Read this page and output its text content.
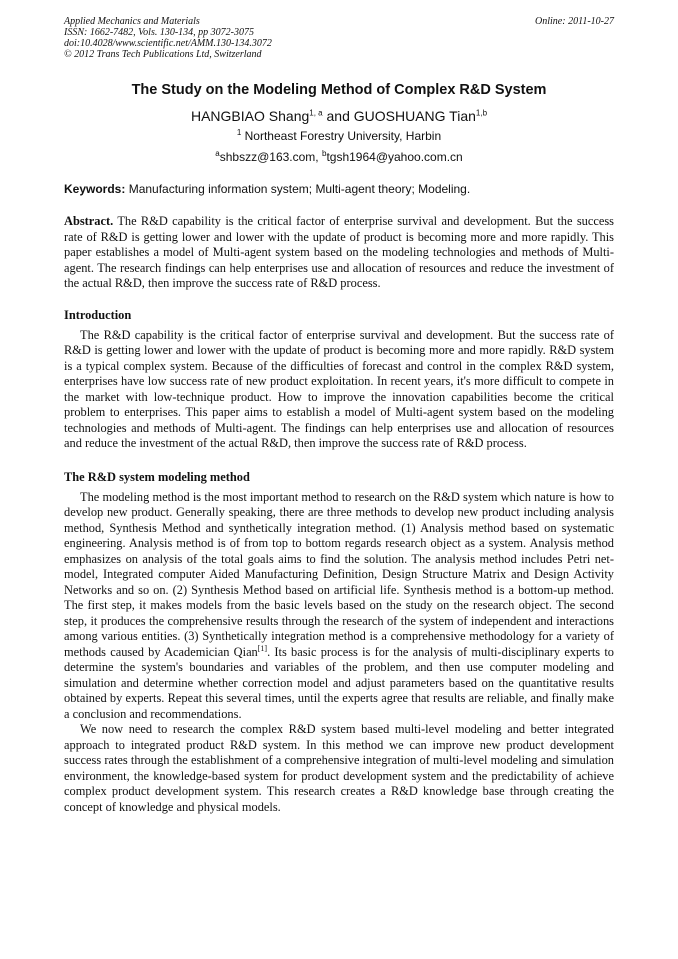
Applied Mechanics and Materials
ISSN: 1662-7482, Vols. 130-134, pp 3072-3075
doi:10.4028/www.scientific.net/AMM.130-134.3072
© 2012 Trans Tech Publications Ltd, Switzerland
Online: 2011-10-27
The Study on the Modeling Method of Complex R&D System
HANGBIAO Shang$^{1, a}$ and GUOSHUANG Tian$^{1,b}$
$^1$ Northeast Forestry University, Harbin
$^a$shbszz@163.com, $^b$tgsh1964@yahoo.com.cn
Keywords: Manufacturing information system; Multi-agent theory; Modeling.

Abstract. The R&D capability is the critical factor of enterprise survival and development. But the success rate of R&D is getting lower and lower with the update of product is becoming more and more rapidly. This paper establishes a model of Multi-agent system based on the modeling technologies and methods of Multi-agent. The research findings can help enterprises use and allocation of resources and reduce the investment of the actual R&D, then improve the success rate of R&D process.

Introduction

The R&D capability is the critical factor of enterprise survival and development. But the success rate of R&D is getting lower and lower with the update of product is becoming more and more rapidly. R&D system is a typical complex system. Because of the difficulties of forecast and control in the complex R&D system, enterprises have low success rate of new product exploitation. In recent years, it's more difficult to compete in the market with low-technique product. How to improve the innovation capabilities become the critical problem to enterprises. This paper aims to establish a model of Multi-agent system based on the modeling technologies and methods of Multi-agent. The findings can help enterprises use and allocation of resources and reduce the investment of the actual R&D, then improve the success rate of R&D process.

The R&D system modeling method

The modeling method is the most important method to research on the R&D system which nature is how to develop new product. Generally speaking, there are three methods to develop new product including analysis method, Synthesis Method and synthetically integration method. (1) Analysis method based on systematic engineering. Analysis method is of from top to bottom regards research object as a system. Analysis method emphasizes on analysis of the total goals aims to find the solution. The analysis method includes Petri net-model, Integrated computer Aided Manufacturing Definition, Design Structure Matrix and Design Activity Networks and so on. (2) Synthesis Method based on artificial life. Synthesis method is a bottom-up method. The first step, it makes models from the basic levels based on the study on the research object. The second step, it produces the comprehensive results through the research of the system of independent and interactions among various entities. (3) Synthetically integration method is a comprehensive methodology for a variety of methods caused by Academician Qian[1]. Its basic process is for the analysis of multi-disciplinary experts to determine the system's boundaries and variables of the problem, and then use computer modeling and simulation and determine whether correction model and adjust parameters based on the quantitative results obtained by experts. Repeat this several times, until the experts agree that results are reliable, and finally make a conclusion and recommendations.

We now need to research the complex R&D system based multi-level modeling and better integrated approach to integrated product R&D system. In this method we can improve new product development success rates through the establishment of a comprehensive integration of multi-level modeling and simulation environment, the knowledge-based system for product development system and the predictability of achieve complex product development system. This research creates a R&D knowledge base through creating the concept of knowledge and physical models.
